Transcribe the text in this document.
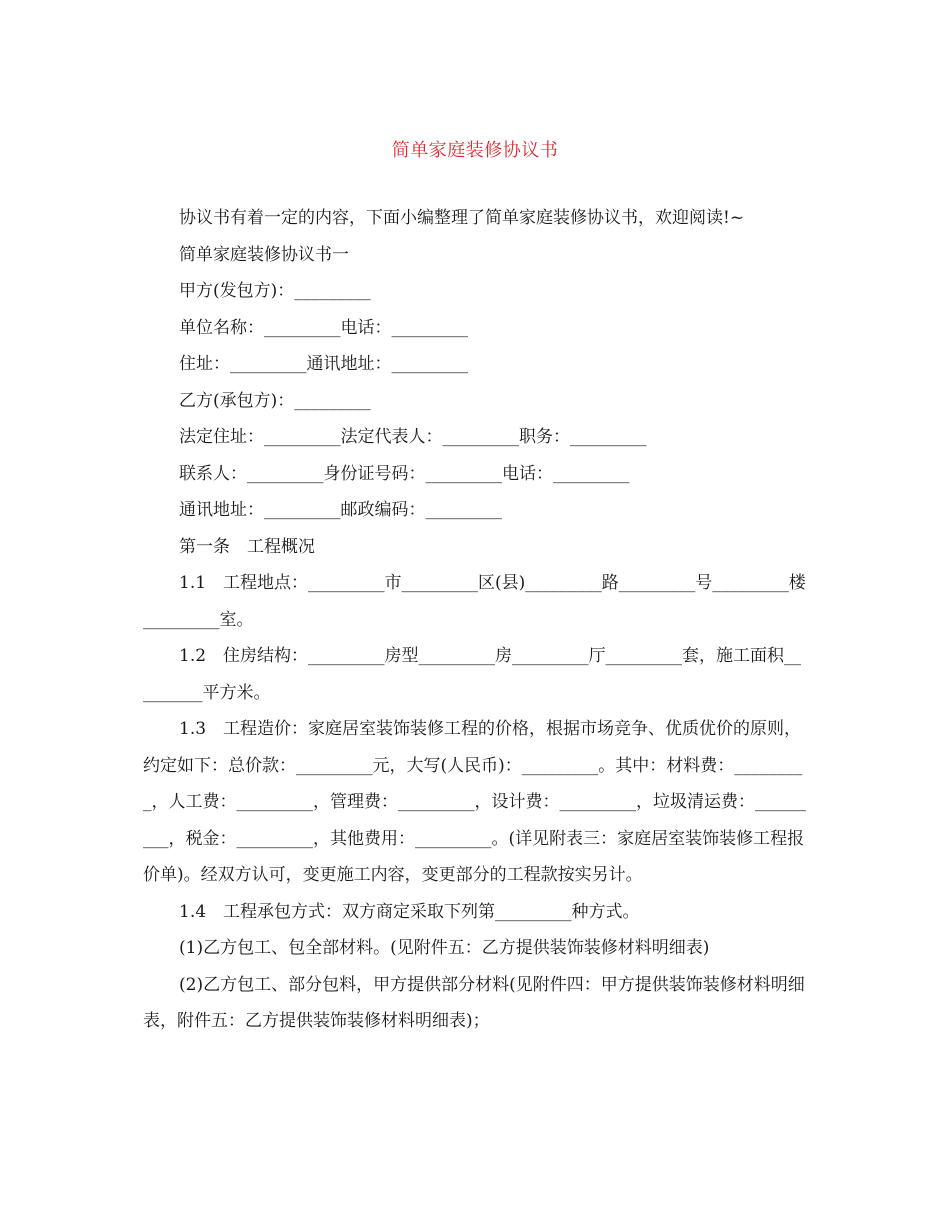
简单家庭装修协议书

协议书有着一定的内容，下面小编整理了简单家庭装修协议书，欢迎阅读!~

简单家庭装修协议书一

甲方(发包方)：_________

单位名称：_________电话：_________

住址：_________通讯地址：_________

乙方(承包方)：_________

法定住址：_________法定代表人：_________职务：_________

联系人：_________身份证号码：_________电话：_________

通讯地址：_________邮政编码：_________

第一条　工程概况

1.1　工程地点：_________市_________区(县)_________路_________号_________楼_________室。

1.2　住房结构：_________房型_________房_________厅_________套，施工面积_________平方米。

1.3　工程造价：家庭居室装饰装修工程的价格，根据市场竞争、优质优价的原则，约定如下：总价款：_________元，大写(人民币)：_________。其中：材料费：_________，人工费：_________，管理费：_________，设计费：_________，垃圾清运费：_________，税金：_________，其他费用：_________。(详见附表三：家庭居室装饰装修工程报价单)。经双方认可，变更施工内容，变更部分的工程款按实另计。

1.4　工程承包方式：双方商定采取下列第_________种方式。

(1)乙方包工、包全部材料。(见附件五：乙方提供装饰装修材料明细表)

(2)乙方包工、部分包料，甲方提供部分材料(见附件四：甲方提供装饰装修材料明细表，附件五：乙方提供装饰装修材料明细表)；
